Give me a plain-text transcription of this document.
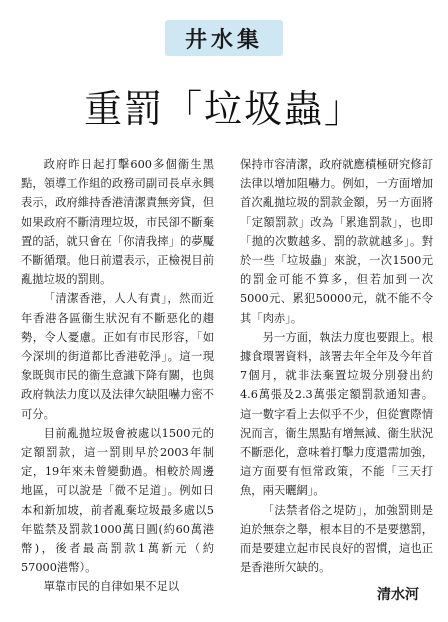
井水集
重罰「垃圾蟲」

政府昨日起打擊600多個衞生黑點，領導工作組的政務司副司長卓永興表示，政府維持香港清潔責無旁貸，但如果政府不斷清理垃圾，市民卻不斷棄置的話，就只會在「你清我摔」的夢魘不斷循環。他日前還表示，正檢視目前亂拋垃圾的罰則。

「清潔香港，人人有責」，然而近年香港各區衞生狀況有不斷惡化的趨勢，令人憂慮。正如有市民形容，「如今深圳的街道都比香港乾淨」。這一現象既與市民的衞生意識下降有關，也與政府執法力度以及法律欠缺阻嚇力密不可分。

目前亂拋垃圾會被處以1500元的定額罰款，這一罰則早於2003年制定，19年來未曾變動過。相較於周邊地區，可以說是「微不足道」。例如日本和新加坡，前者亂棄垃圾最多處以5年監禁及罰款1000萬日圓(約60萬港幣)，後者最高罰款1萬新元（約57000港幣）。

單靠市民的自律如果不足以

保持市容清潔，政府就應積極研究修訂法律以增加阻嚇力。例如，一方面增加首次亂拋垃圾的罰款金額，另一方面將「定額罰款」改為「累進罰款」，也即「拋的次數越多、罰的款就越多」。對於一些「垃圾蟲」來說，一次1500元的罰金可能不算多，但若加到一次5000元、累犯50000元，就不能不令其「肉赤」。

另一方面，執法力度也要跟上。根據食環署資料，該署去年全年及今年首7個月，就非法棄置垃圾分別發出約4.6萬張及2.3萬張定額罰款通知書。這一數字看上去似乎不少，但從實際情況而言，衞生黑點有增無減、衞生狀況不斷惡化，意味着打擊力度還需加強，這方面要有恒常政策，不能「三天打魚，兩天曬網」。

「法禁者俗之堤防」，加強罰則是迫於無奈之舉，根本目的不是要懲罰，而是要建立起市民良好的習慣，這也正是香港所欠缺的。

清水河
